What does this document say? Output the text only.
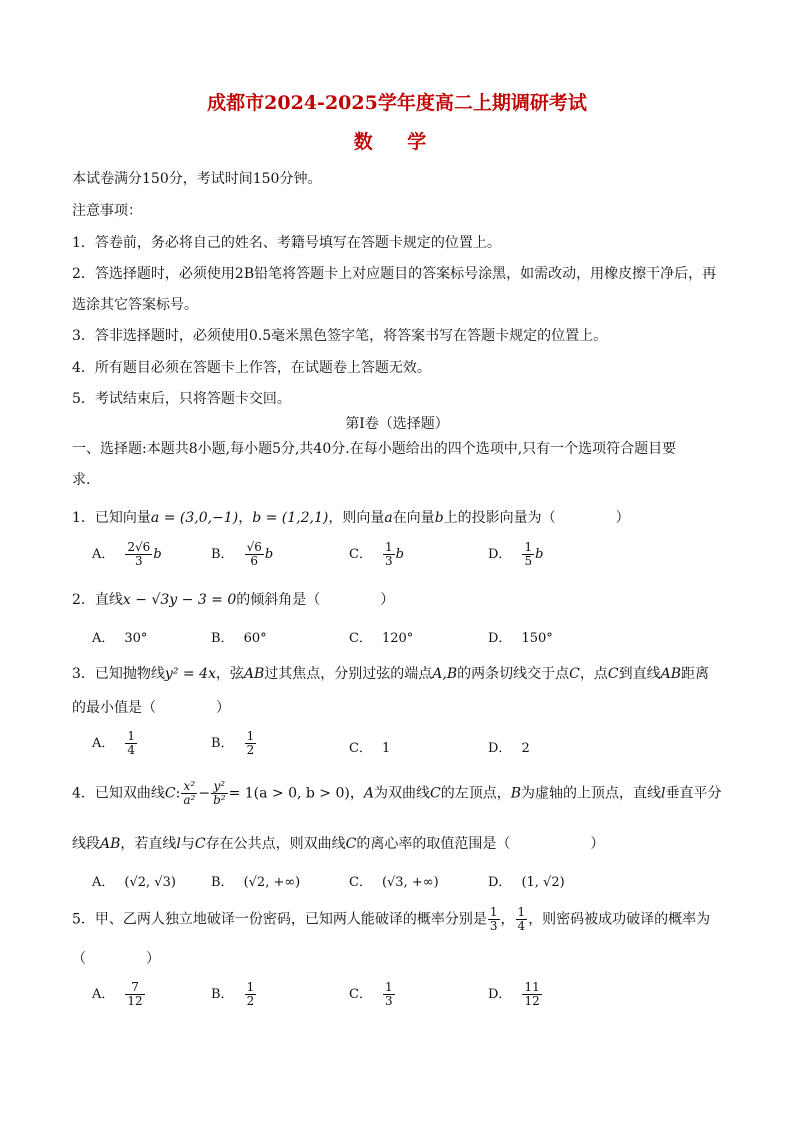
成都市2024-2025学年度高二上期调研考试
数 学
本试卷满分150分，考试时间150分钟。
注意事项：
1．答卷前，务必将自己的姓名、考籍号填写在答题卡规定的位置上。
2．答选择题时，必须使用2B铅笔将答题卡上对应题目的答案标号涂黑，如需改动，用橡皮擦干净后，再
选涂其它答案标号。
3．答非选择题时，必须使用0.5毫米黑色签字笔，将答案书写在答题卡规定的位置上。
4．所有题目必须在答题卡上作答，在试题卷上答题无效。
5．考试结束后，只将答题卡交回。
第Ⅰ卷（选择题）
一、选择题:本题共8小题,每小题5分,共40分.在每小题给出的四个选项中,只有一个选项符合题目要
求.
1．已知向量a = (3,0,−1)，b = (1,2,1)，则向量a在向量b上的投影向量为（	）
A． $\frac{2√6}{3}$ b	B． $\frac{√6}{6}$ b	C． $\frac{1}{3}$ b	D． $\frac{1}{5}$ b
2．直线x − √3y − 3 = 0的倾斜角是（	）
A． 30°	B． 60°	C． 120°	D． 150°
3．已知抛物线y² = 4x，弦AB过其焦点，分别过弦的端点A,B的两条切线交于点C，点C到直线AB距离
的最小值是（	）
A． $\frac{1}{4}$	B． $\frac{1}{2}$	C． 1	D． 2
4．已知双曲线C: $\frac{\text{x²}}{\text{a²}} - \frac{\text{y²}}{\text{b²}} = 1(a > 0$, b > 0)，A为双曲线C的左顶点，B为虚轴的上顶点，直线l垂直平分
线段AB，若直线l与C存在公共点，则双曲线C的离心率的取值范围是（	）
A． (√2, √3)	B． (√2, +∞)	C． (√3, +∞)	D． (1, √2)
5．甲、乙两人独立地破译一份密码，已知两人能破译的概率分别是 $\frac{1}{3}$ ， $\frac{1}{4}$ ，则密码被成功破译的概率为
（	）
A． $\frac{7}{12}$	B． $\frac{1}{2}$	C． $\frac{1}{3}$	D． $\frac{11}{12}$
